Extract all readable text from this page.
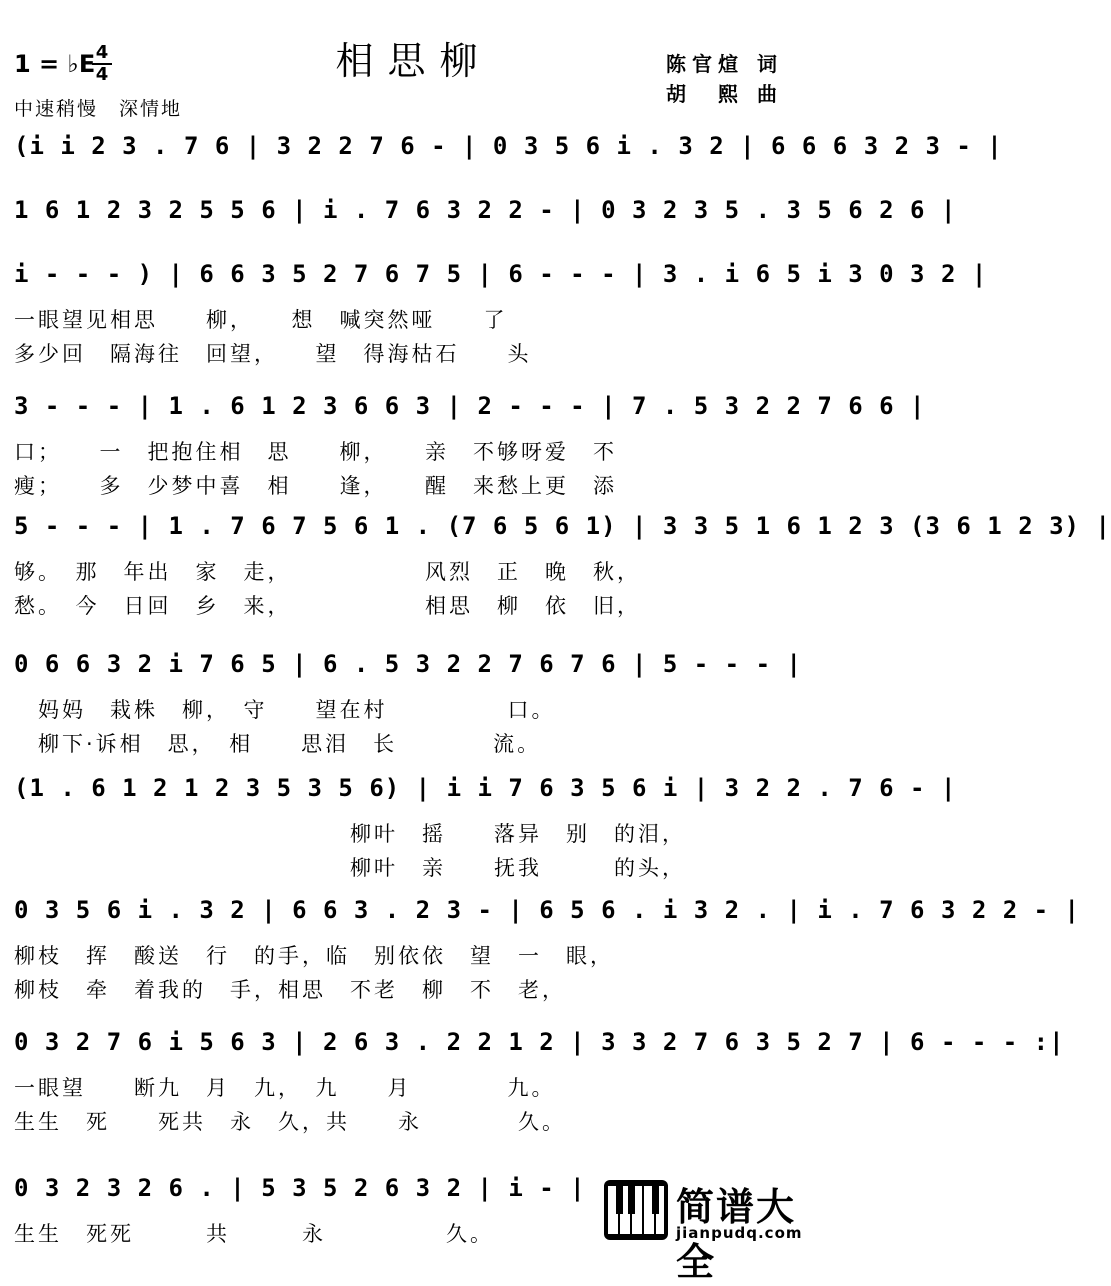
相思柳
1 = ♭E 4
4
中速稍慢　深情地
陈官煊 词
胡　熙 曲
(i i 2 3 . 7 6 | 3 2 2 7 6 - | 0 3 5 6 i . 3 2 | 6 6 6 3 2 3 - |
1 6 1 2 3 2 5 5 6 | i . 7 6 3 2 2 - | 0 3 2 3 5 . 3 5 6 2 6 |
i - - - ) | 6 6 3 5 2 7 6 7 5 | 6 - - - | 3 . i 6 5 i 3 0 3 2 |
一眼望见相思　　柳，　　想　喊突然哑　　了
多少回　隔海往　回望，　　望　得海枯石　　头
3 - - - | 1 . 6 1 2 3 6 6 3 | 2 - - - | 7 . 5 3 2 2 7 6 6 |
口；　　一　把抱住相　思　　柳，　　亲　不够呀爱　不
瘦；　　多　少梦中喜　相　　逢，　　醒　来愁上更　添
5 - - - | 1 . 7 6 7 5 6 1 . (7 6 5 6 1) | 3 3 5 1 6 1 2 3 (3 6 1 2 3) |
够。　那　年出　家　走，　　　　　　风烈　正　晚　秋，
愁。　今　日回　乡　来，　　　　　　相思　柳　依　旧，
0 6 6 3 2 i 7 6 5 | 6 . 5 3 2 2 7 6 7 6 | 5 - - - |
　妈妈　栽株　柳，　守　　望在村　　　　　口。
　柳下·诉相　思，　相　　思泪　长　　　　流。
(1 . 6 1 2 1 2 3 5 3 5 6) | i i 7 6 3 5 6 i | 3 2 2 . 7 6 - |
　　　　　　　　　　　　　　柳叶　摇　　落异　别　的泪，
　　　　　　　　　　　　　　柳叶　亲　　抚我　　　的头，
0 3 5 6 i . 3 2 | 6 6 3 . 2 3 - | 6 5 6 . i 3 2 . | i . 7 6 3 2 2 - |
柳枝　挥　酸送　行　的手，临　别依依　望　一　眼，
柳枝　牵　着我的　手，相思　不老　柳　不　老，
0 3 2 7 6 i 5 6 3 | 2 6 3 . 2 2 1 2 | 3 3 2 7 6 3 5 2 7 | 6 - - - :|
一眼望　　断九　月　九，　九　　月　　　　九。
生生　死　　死共　永　久，共　　永　　　　久。
0 3 2 3 2 6 . | 5 3 5 2 6 3 2 | i - |
生生　死死　　　共　　　永　　　　　久。
简谱大全
jianpudq.com
